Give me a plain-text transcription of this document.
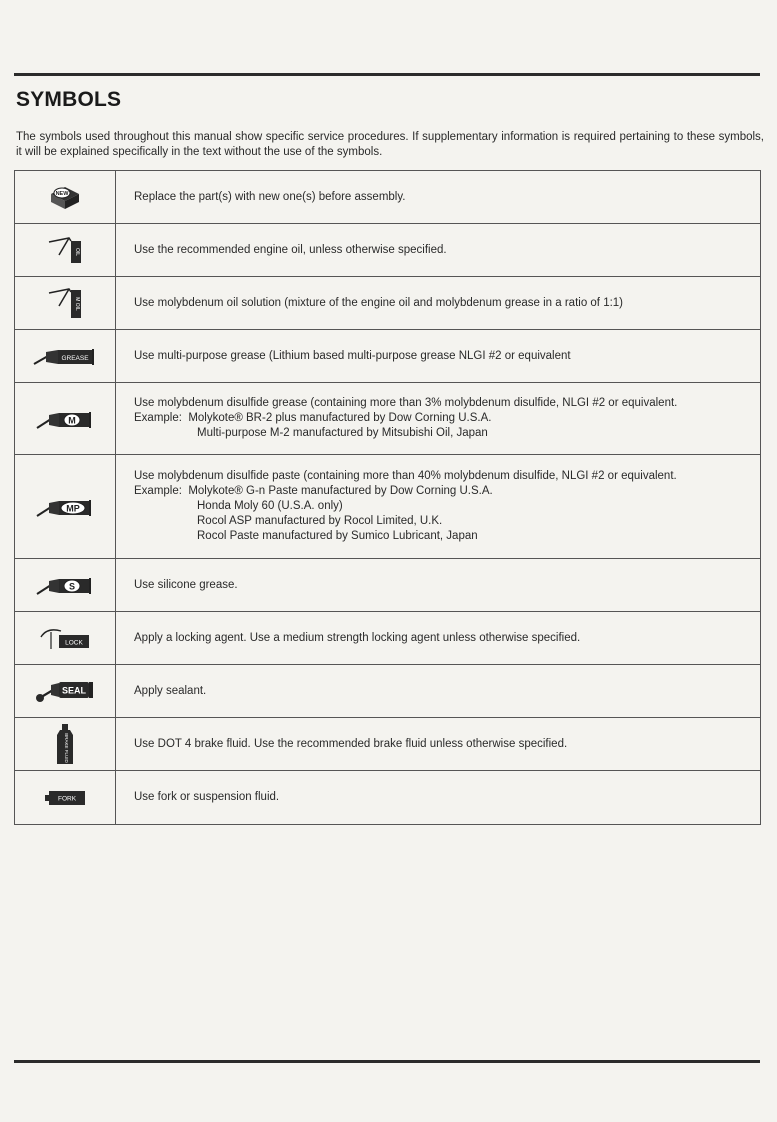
SYMBOLS
The symbols used throughout this manual show specific service procedures. If supplementary information is required pertaining to these symbols, it will be explained specifically in the text without the use of the symbols.
NEW	Replace the part(s) with new one(s) before assembly.

OIL	Use the recommended engine oil, unless otherwise specified.

M OIL	Use molybdenum oil solution (mixture of the engine oil and molybdenum grease in a ratio of 1:1)

GREASE	Use multi-purpose grease (Lithium based multi-purpose grease NLGI #2 or equivalent

M	Use molybdenum disulfide grease (containing more than 3% molybdenum disulfide, NLGI #2 or equivalent.
Example: Molykote® BR-2 plus manufactured by Dow Corning U.S.A.
Multi-purpose M-2 manufactured by Mitsubishi Oil, Japan

MP	Use molybdenum disulfide paste (containing more than 40% molybdenum disulfide, NLGI #2 or equivalent.
Example: Molykote® G-n Paste manufactured by Dow Corning U.S.A.
Honda Moly 60 (U.S.A. only)
Rocol ASP manufactured by Rocol Limited, U.K.
Rocol Paste manufactured by Sumico Lubricant, Japan

S	Use silicone grease.

LOCK	Apply a locking agent. Use a medium strength locking agent unless otherwise specified.

SEAL	Apply sealant.

BRAKE FLUID	Use DOT 4 brake fluid. Use the recommended brake fluid unless otherwise specified.

FORK	Use fork or suspension fluid.
